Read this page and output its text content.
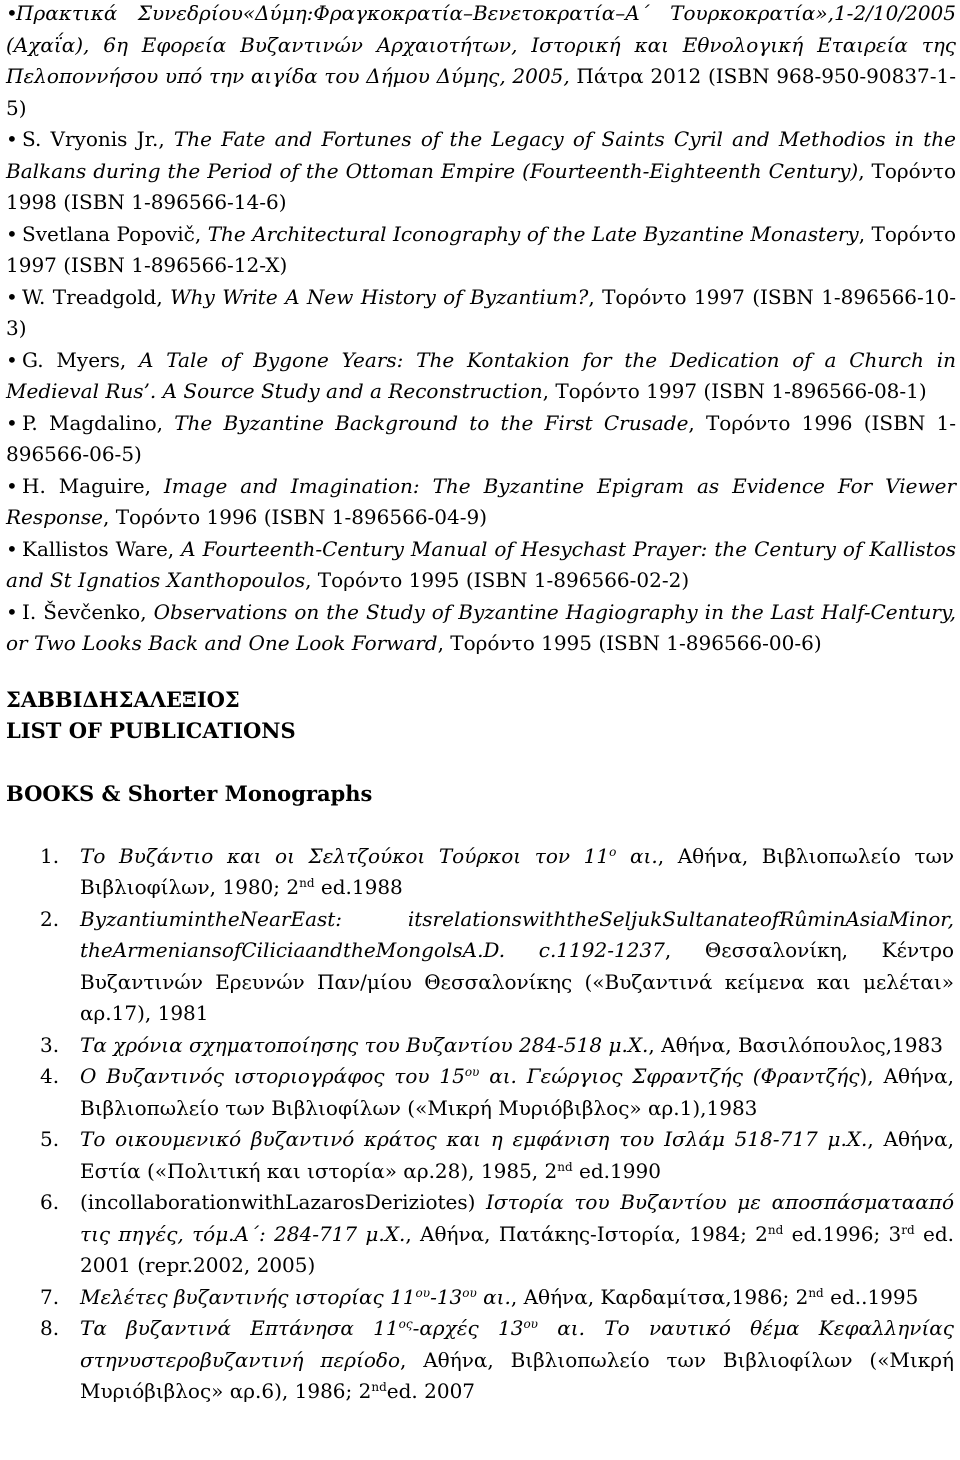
•Πρακτικά Συνεδρίου«Δύμη:Φραγκοκρατία–Βενετοκρατία–Α΄ Τουρκοκρατία»,1-2/10/2005 (Αχαΐα), 6η Εφορεία Βυζαντινών Αρχαιοτήτων, Ιστορική και Εθνολογική Εταιρεία της Πελοποννήσου υπό την αιγίδα του Δήμου Δύμης, 2005, Πάτρα 2012 (ISBN 968-950-90837-1-5)

•S. Vryonis Jr., The Fate and Fortunes of the Legacy of Saints Cyril and Methodios in the Balkans during the Period of the Ottoman Empire (Fourteenth-Eighteenth Century), Τορόντο 1998 (ISBN 1-896566-14-6)

•Svetlana Popovič, The Architectural Iconography of the Late Byzantine Monastery, Τορόντο 1997 (ISBN 1-896566-12-X)

•W. Treadgold, Why Write A New History of Byzantium?, Τορόντο 1997 (ISBN 1-896566-10-3)

•G. Myers, A Tale of Bygone Years: The Kontakion for the Dedication of a Church in Medieval Rus’. A Source Study and a Reconstruction, Τορόντο 1997 (ISBN 1-896566-08-1)

•P. Magdalino, The Byzantine Background to the First Crusade, Τορόντο 1996 (ISBN 1-896566-06-5)

•H. Maguire, Image and Imagination: The Byzantine Epigram as Evidence For Viewer Response, Τορόντο 1996 (ISBN 1-896566-04-9)

•Kallistos Ware, A Fourteenth-Century Manual of Hesychast Prayer: the Century of Kallistos and St Ignatios Xanthopoulos, Τορόντο 1995 (ISBN 1-896566-02-2)

•I. Ševčenko, Observations on the Study of Byzantine Hagiography in the Last Half-Century, or Two Looks Back and One Look Forward, Τορόντο 1995 (ISBN 1-896566-00-6)

ΣΑΒΒΙΔΗΣΑΛΕΞΙΟΣ

LIST OF PUBLICATIONS

BOOKS & Shorter Monographs

1. Το Βυζάντιο και οι Σελτζούκοι Τούρκοι τον $11^o$ αι., Αθήνα, Βιβλιοπωλείο των Βιβλιοφίλων, 1980; 2nd ed.1988
2. ByzantiumintheNearEast: itsrelationswiththeSeljukSultanateofRûminAsiaMinor, theArmeniansofCiliciaandtheMongolsA.D. c.1192-1237, Θεσσαλονίκη, Κέντρο Βυζαντινών Ερευνών Παν/μίου Θεσσαλονίκης («Βυζαντινά κείμενα και μελέται» αρ.17), 1981
3. Τα χρόνια σχηματοποίησης του Βυζαντίου 284-518 μ.Χ., Αθήνα, Βασιλόπουλος,1983
4. Ο Βυζαντινός ιστοριογράφος του $15^{o\upsilon}$ αι. Γεώργιος Σφραντζής (Φραντζής), Αθήνα, Βιβλιοπωλείο των Βιβλιοφίλων («Μικρή Μυριόβιβλος» αρ.1),1983
5. Το οικουμενικό βυζαντινό κράτος και η εμφάνιση του Ισλάμ 518-717 μ.Χ., Αθήνα, Εστία («Πολιτική και ιστορία» αρ.28), 1985, 2nd ed.1990
6. (incollaborationwithLazarosDeriziotes) Ιστορία του Βυζαντίου με αποσπάσματααπό τις πηγές, τόμ.Α΄: 284-717 μ.Χ., Αθήνα, Πατάκης-Ιστορία, 1984; 2nd ed.1996; 3rd ed. 2001 (repr.2002, 2005)
7. Μελέτες βυζαντινής ιστορίας $11^{o\upsilon}-13^{o\upsilon}$ αι., Αθήνα, Καρδαμίτσα,1986; 2nd ed..1995
8. Τα βυζαντινά Επτάνησα $11^{o\varsigma}$-αρχές $13^{o\upsilon}$ αι. Το ναυτικό θέμα Κεφαλληνίας στηνυστεροβυζαντινή περίοδο, Αθήνα, Βιβλιοπωλείο των Βιβλιοφίλων («Μικρή Μυριόβιβλος» αρ.6), 1986; 2nded. 2007
